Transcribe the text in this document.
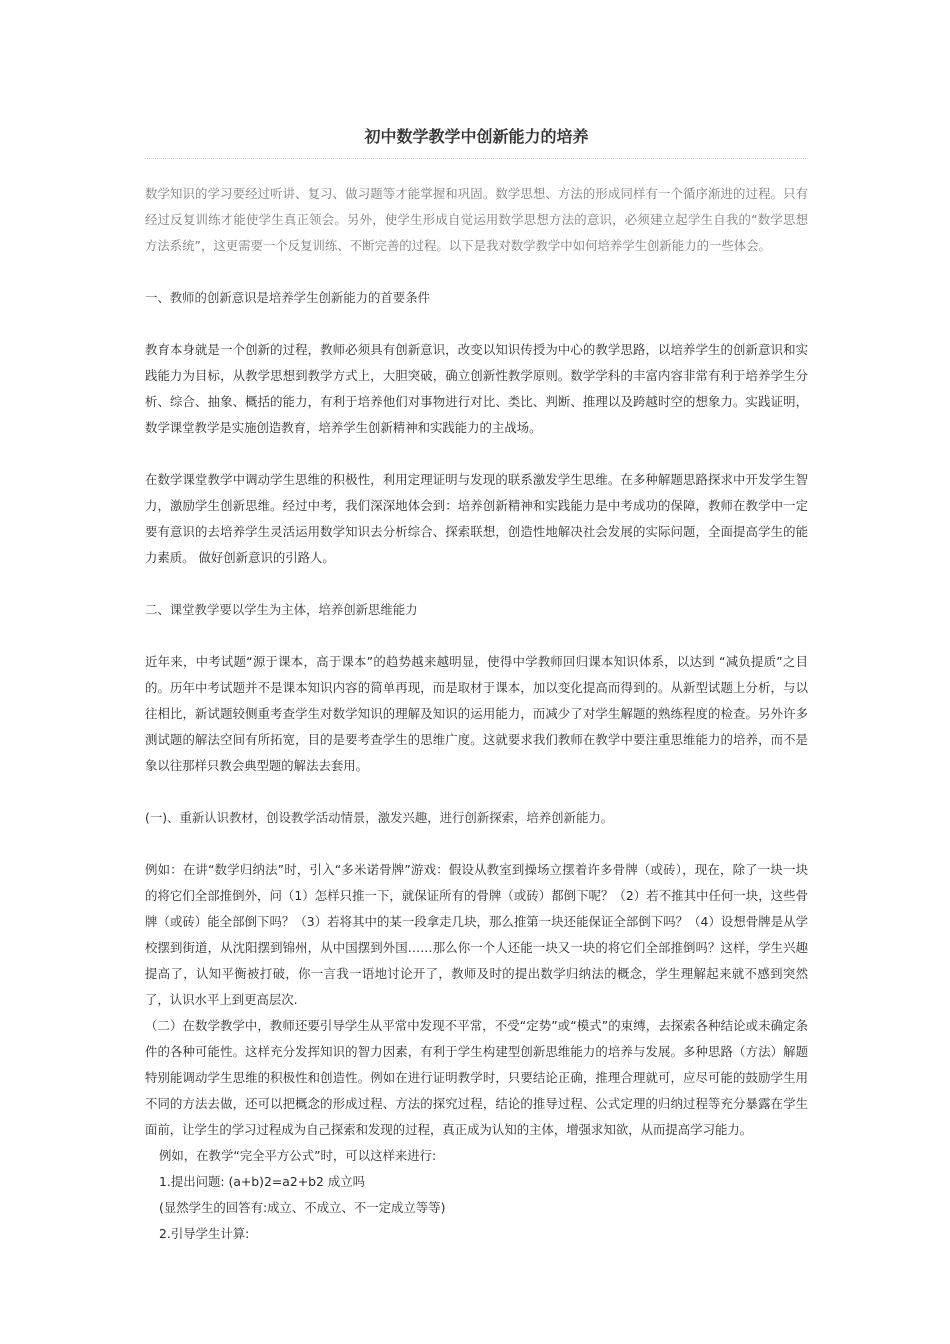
初中数学教学中创新能力的培养

数学知识的学习要经过听讲、复习、做习题等才能掌握和巩固。数学思想、方法的形成同样有一个循序渐进的过程。只有经过反复训练才能使学生真正领会。另外，使学生形成自觉运用数学思想方法的意识，必须建立起学生自我的“数学思想方法系统”，这更需要一个反复训练、不断完善的过程。以下是我对数学教学中如何培养学生创新能力的一些体会。

一、教师的创新意识是培养学生创新能力的首要条件

教育本身就是一个创新的过程，教师必须具有创新意识，改变以知识传授为中心的教学思路，以培养学生的创新意识和实践能力为目标，从教学思想到教学方式上，大胆突破，确立创新性教学原则。数学学科的丰富内容非常有利于培养学生分析、综合、抽象、概括的能力，有利于培养他们对事物进行对比、类比、判断、推理以及跨越时空的想象力。实践证明，数学课堂教学是实施创造教育，培养学生创新精神和实践能力的主战场。

在数学课堂教学中调动学生思维的积极性，利用定理证明与发现的联系激发学生思维。在多种解题思路探求中开发学生智力，激励学生创新思维。经过中考，我们深深地体会到：培养创新精神和实践能力是中考成功的保障，教师在教学中一定要有意识的去培养学生灵活运用数学知识去分析综合、探索联想，创造性地解决社会发展的实际问题，全面提高学生的能力素质。 做好创新意识的引路人。

二、课堂教学要以学生为主体，培养创新思维能力

近年来，中考试题“源于课本，高于课本”的趋势越来越明显，使得中学教师回归课本知识体系，以达到 “减负提质”之目的。历年中考试题并不是课本知识内容的简单再现，而是取材于课本，加以变化提高而得到的。从新型试题上分析，与以往相比，新试题较侧重考查学生对数学知识的理解及知识的运用能力，而减少了对学生解题的熟练程度的检查。另外许多测试题的解法空间有所拓宽，目的是要考查学生的思维广度。这就要求我们教师在教学中要注重思维能力的培养，而不是象以往那样只教会典型题的解法去套用。

(一)、重新认识教材，创设教学活动情景，激发兴趣，进行创新探索，培养创新能力。

例如：在讲“数学归纳法”时，引入“多米诺骨牌”游戏：假设从教室到操场立摆着许多骨牌（或砖），现在，除了一块一块的将它们全部推倒外，问（1）怎样只推一下，就保证所有的骨牌（或砖）都倒下呢？（2）若不推其中任何一块，这些骨牌（或砖）能全部倒下吗？（3）若将其中的某一段拿走几块，那么推第一块还能保证全部倒下吗？（4）设想骨牌是从学校摆到街道，从沈阳摆到锦州，从中国摆到外国……那么你一个人还能一块又一块的将它们全部推倒吗？这样，学生兴趣提高了，认知平衡被打破，你一言我一语地讨论开了，教师及时的提出数学归纳法的概念，学生理解起来就不感到突然了，认识水平上到更高层次.

（二）在数学教学中，教师还要引导学生从平常中发现不平常，不受“定势”或“模式”的束缚，去探索各种结论或未确定条件的各种可能性。这样充分发挥知识的智力因素，有利于学生构建型创新思维能力的培养与发展。多种思路（方法）解题特别能调动学生思维的积极性和创造性。例如在进行证明教学时，只要结论正确，推理合理就可，应尽可能的鼓励学生用不同的方法去做，还可以把概念的形成过程、方法的探究过程，结论的推导过程、公式定理的归纳过程等充分暴露在学生面前，让学生的学习过程成为自己探索和发现的过程，真正成为认知的主体，增强求知欲，从而提高学习能力。

例如，在教学“完全平方公式”时，可以这样来进行:

1.提出问题: (a+b)2=a2+b2 成立吗

(显然学生的回答有:成立、不成立、不一定成立等等)

2.引导学生计算:
